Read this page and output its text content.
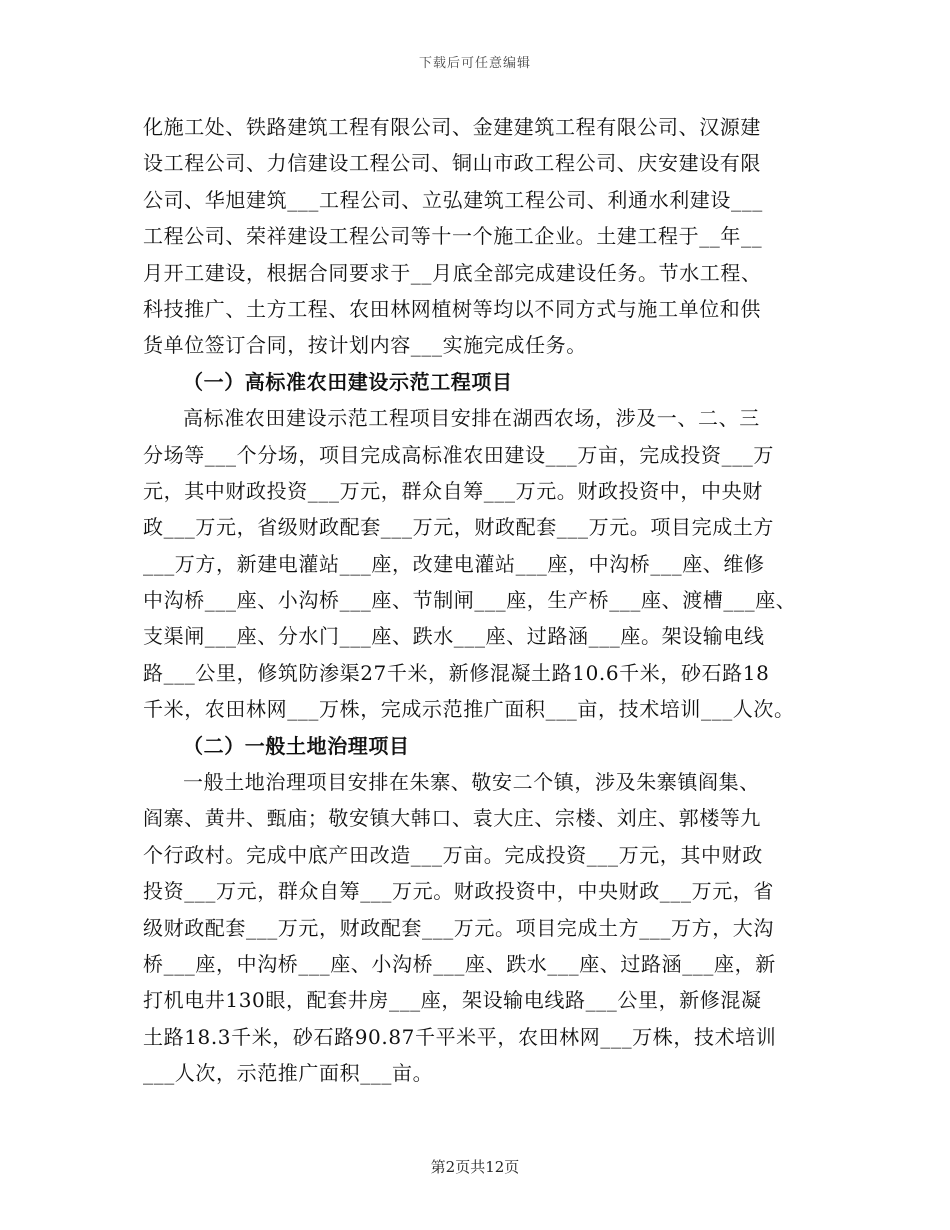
下载后可任意编辑
化施工处、铁路建筑工程有限公司、金建建筑工程有限公司、汉源建
设工程公司、力信建设工程公司、铜山市政工程公司、庆安建设有限
公司、华旭建筑___工程公司、立弘建筑工程公司、利通水利建设___
工程公司、荣祥建设工程公司等十一个施工企业。土建工程于__年__
月开工建设，根据合同要求于__月底全部完成建设任务。节水工程、
科技推广、土方工程、农田林网植树等均以不同方式与施工单位和供
货单位签订合同，按计划内容___实施完成任务。
（一）高标准农田建设示范工程项目
高标准农田建设示范工程项目安排在湖西农场，涉及一、二、三
分场等___个分场，项目完成高标准农田建设___万亩，完成投资___万
元，其中财政投资___万元，群众自筹___万元。财政投资中，中央财
政___万元，省级财政配套___万元，财政配套___万元。项目完成土方
___万方，新建电灌站___座，改建电灌站___座，中沟桥___座、维修
中沟桥___座、小沟桥___座、节制闸___座，生产桥___座、渡槽___座、
支渠闸___座、分水门___座、跌水___座、过路涵___座。架设输电线
路___公里，修筑防渗渠27千米，新修混凝土路10.6千米，砂石路18
千米，农田林网___万株，完成示范推广面积___亩，技术培训___人次。
（二）一般土地治理项目
一般土地治理项目安排在朱寨、敬安二个镇，涉及朱寨镇阎集、
阎寨、黄井、甄庙；敬安镇大韩口、袁大庄、宗楼、刘庄、郭楼等九
个行政村。完成中底产田改造___万亩。完成投资___万元，其中财政
投资___万元，群众自筹___万元。财政投资中，中央财政___万元，省
级财政配套___万元，财政配套___万元。项目完成土方___万方，大沟
桥___座，中沟桥___座、小沟桥___座、跌水___座、过路涵___座，新
打机电井130眼，配套井房___座，架设输电线路___公里，新修混凝
土路18.3千米，砂石路90.87千平米平，农田林网___万株，技术培训
___人次，示范推广面积___亩。
第2页共12页
